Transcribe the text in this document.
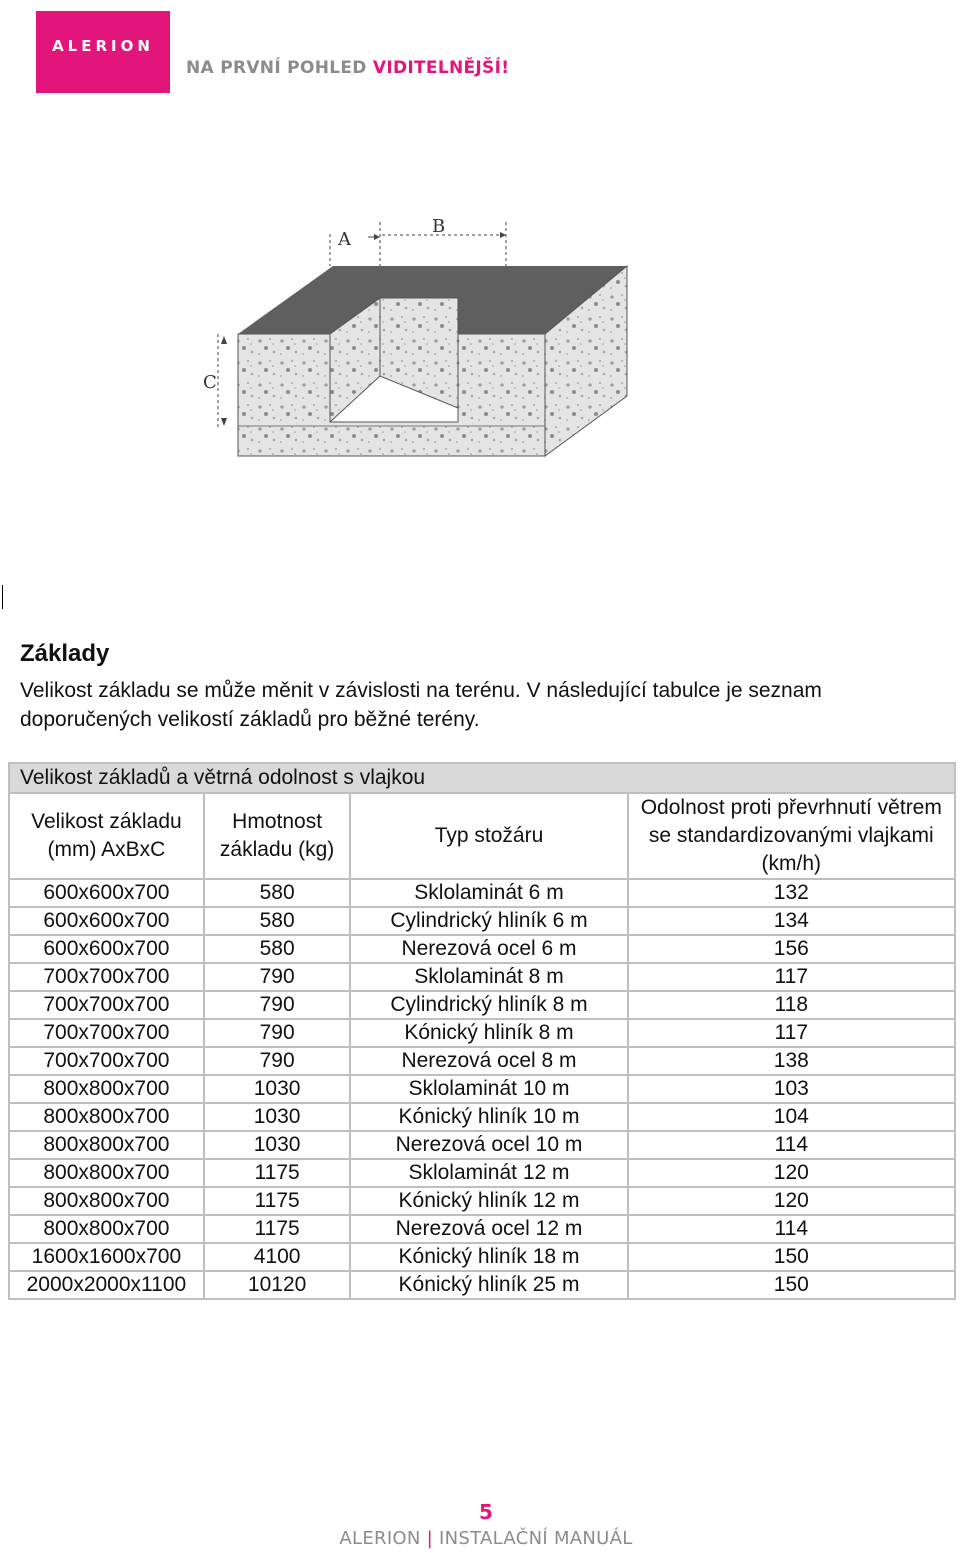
ALERION
NA PRVNÍ POHLED VIDITELNĚJŠÍ!
A
B
C
Základy
Velikost základu se může měnit v závislosti na terénu. V následující tabulce je seznam doporučených velikostí základů pro běžné terény.
Velikost základů a větrná odolnost s vlajkou			
Velikost základu (mm) AxBxC	Hmotnost základu (kg)	Typ stožáru	Odolnost proti převrhnutí větrem se standardizovanými vlajkami (km/h)
600x600x700	580	Sklolaminát 6 m	132
600x600x700	580	Cylindrický hliník 6 m	134
600x600x700	580	Nerezová ocel 6 m	156
700x700x700	790	Sklolaminát 8 m	117
700x700x700	790	Cylindrický hliník 8 m	118
700x700x700	790	Kónický hliník 8 m	117
700x700x700	790	Nerezová ocel 8 m	138
800x800x700	1030	Sklolaminát 10 m	103
800x800x700	1030	Kónický hliník 10 m	104
800x800x700	1030	Nerezová ocel 10 m	114
800x800x700	1175	Sklolaminát 12 m	120
800x800x700	1175	Kónický hliník 12 m	120
800x800x700	1175	Nerezová ocel 12 m	114
1600x1600x700	4100	Kónický hliník 18 m	150
2000x2000x1100	10120	Kónický hliník 25 m	150
5
ALERION | INSTALAČNÍ MANUÁL
